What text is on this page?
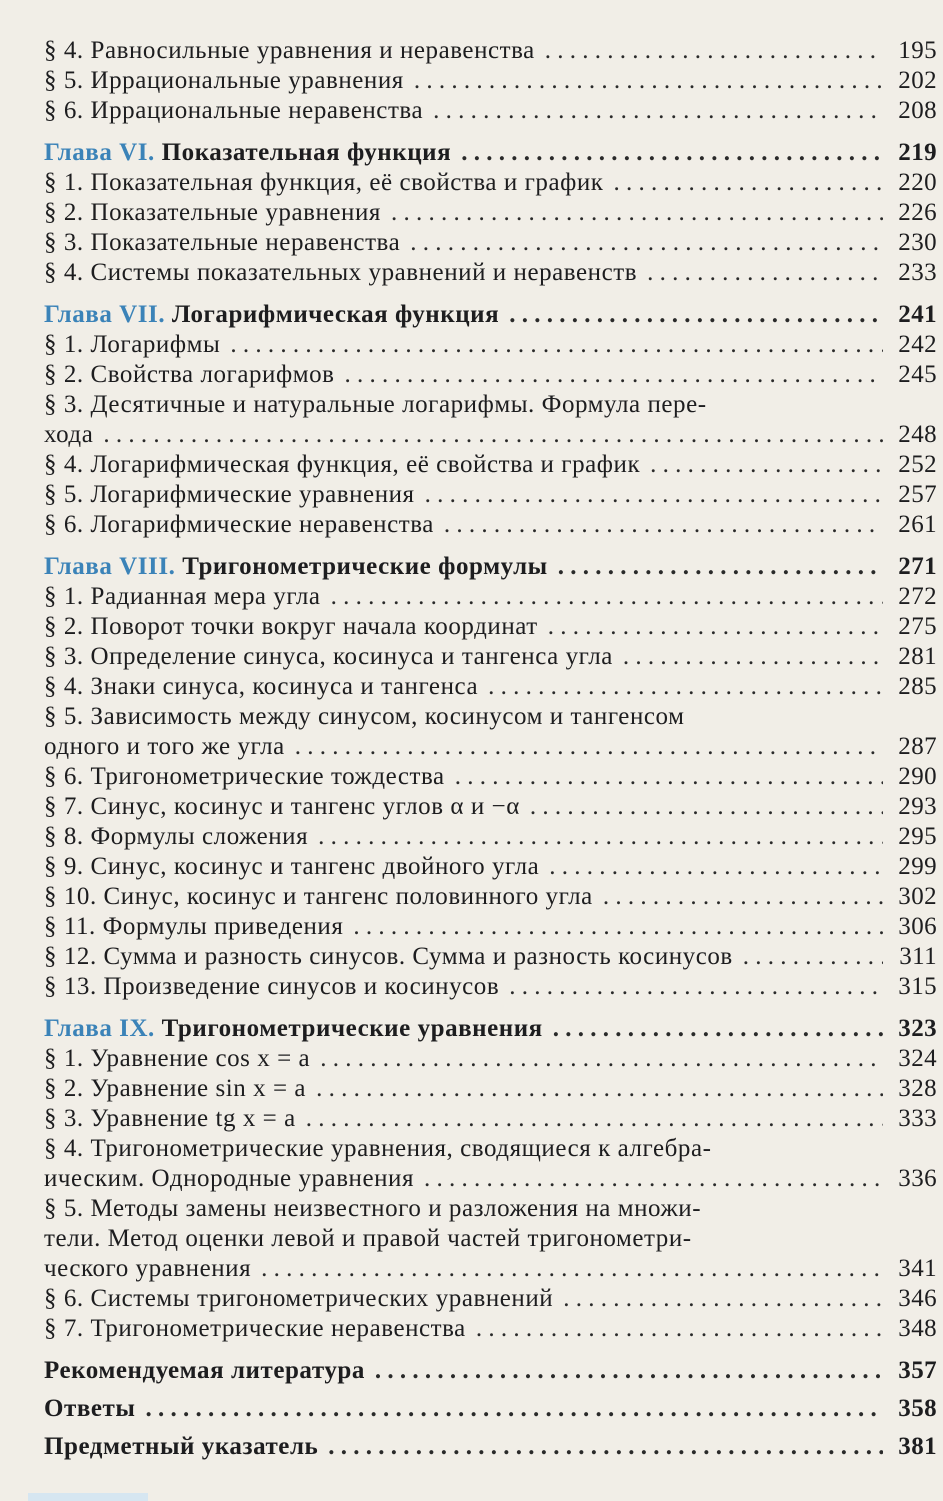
§ 4. Равносильные уравнения и неравенства . . .	195
§ 5. Иррациональные уравнения . . .	202
§ 6. Иррациональные неравенства . . .	208
Глава VI. Показательная функция . . .	219
§ 1. Показательная функция, её свойства и график . . .	220
§ 2. Показательные уравнения . . .	226
§ 3. Показательные неравенства . . .	230
§ 4. Системы показательных уравнений и неравенств . . .	233
Глава VII. Логарифмическая функция . . .	241
§ 1. Логарифмы . . .	242
§ 2. Свойства логарифмов . . .	245
§ 3. Десятичные и натуральные логарифмы. Формула пере-
хода . . .	248
§ 4. Логарифмическая функция, её свойства и график . . .	252
§ 5. Логарифмические уравнения . . .	257
§ 6. Логарифмические неравенства . . .	261
Глава VIII. Тригонометрические формулы . . .	271
§ 1. Радианная мера угла . . .	272
§ 2. Поворот точки вокруг начала координат . . .	275
§ 3. Определение синуса, косинуса и тангенса угла . . .	281
§ 4. Знаки синуса, косинуса и тангенса . . .	285
§ 5. Зависимость между синусом, косинусом и тангенсом
одного и того же угла . . .	287
§ 6. Тригонометрические тождества . . .	290
§ 7. Синус, косинус и тангенс углов α и −α . . .	293
§ 8. Формулы сложения . . .	295
§ 9. Синус, косинус и тангенс двойного угла . . .	299
§ 10. Синус, косинус и тангенс половинного угла . . .	302
§ 11. Формулы приведения . . .	306
§ 12. Сумма и разность синусов. Сумма и разность косинусов . . .	311
§ 13. Произведение синусов и косинусов . . .	315
Глава IX. Тригонометрические уравнения . . .	323
§ 1. Уравнение cos x = a . . .	324
§ 2. Уравнение sin x = a . . .	328
§ 3. Уравнение tg x = a . . .	333
§ 4. Тригонометрические уравнения, сводящиеся к алгебра-
ическим. Однородные уравнения . . .	336
§ 5. Методы замены неизвестного и разложения на множи-
тели. Метод оценки левой и правой частей тригонометри-
ческого уравнения . . .	341
§ 6. Системы тригонометрических уравнений . . .	346
§ 7. Тригонометрические неравенства . . .	348
Рекомендуемая литература . . .	357
Ответы . . .	358
Предметный указатель . . .	381
